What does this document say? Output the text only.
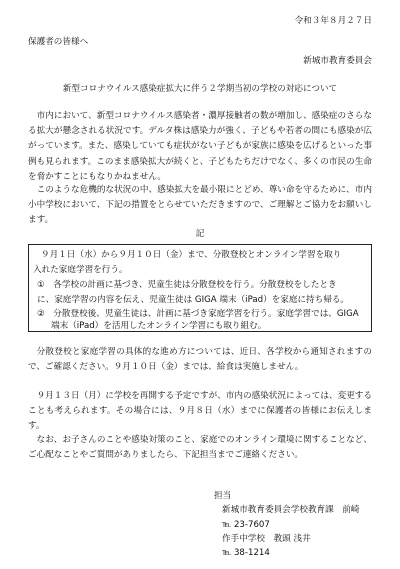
令和３年８月２７日
保護者の皆様へ
新城市教育委員会
新型コロナウイルス感染症拡大に伴う２学期当初の学校の対応について
市内において、新型コロナウイルス感染者・濃厚接触者の数が増加し、感染症のさらなる拡大が懸念される状況です。デルタ株は感染力が強く、子どもや若者の間にも感染が広がっています。また、感染していても症状がない子どもが家族に感染を広げるといった事例も見られます。このまま感染拡大が続くと、子どもたちだけでなく、多くの市民の生命を脅かすことにもなりかねません。
このような危機的な状況の中、感染拡大を最小限にとどめ、尊い命を守るために、市内小中学校において、下記の措置をとらせていただきますので、ご理解とご協力をお願いします。
記
９月１日（水）から９月１０日（金）まで、分散登校とオンライン学習を取り
入れた家庭学習を行う。
①　各学校の計画に基づき、児童生徒は分散登校を行う。分散登校をしたとき
に、家庭学習の内容を伝え、児童生徒は GIGA 端末（iPad）を家庭に持ち帰る。
②　分散登校後、児童生徒は、計画に基づき家庭学習を行う。家庭学習では、GIGA
端末（iPad）を活用したオンライン学習にも取り組む。
分散登校と家庭学習の具体的な進め方については、近日、各学校から通知されますので、ご確認ください。９月１０日（金）までは、給食は実施しません。
９月１３日（月）に学校を再開する予定ですが、市内の感染状況によっては、変更することも考えられます。その場合には、９月８日（水）までに保護者の皆様にお伝えします。
なお、お子さんのことや感染対策のこと、家庭でのオンライン環境に関することなど、ご心配なことやご質問がありましたら、下記担当までご連絡ください。
担当
新城市教育委員会学校教育課　前崎
℡ 23-7607
作手中学校　教頭 浅井
℡ 38-1214
